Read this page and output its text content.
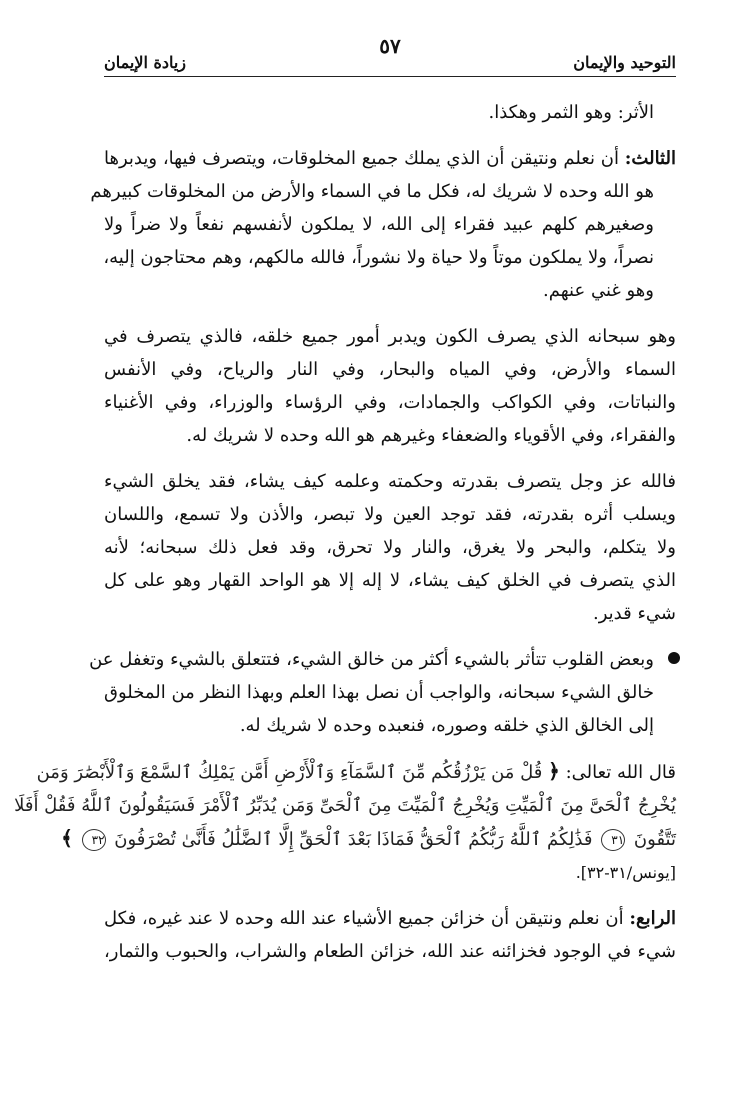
التوحيد والإيمان
٥٧
زيادة الإيمان
الأثر: وهو الثمر وهكذا.
الثالث: أن نعلم ونتيقن أن الذي يملك جميع المخلوقات، ويتصرف فيها، ويدبرها
هو الله وحده لا شريك له، فكل ما في السماء والأرض من المخلوقات كبيرهم
وصغيرهم كلهم عبيد فقراء إلى الله، لا يملكون لأنفسهم نفعاً ولا ضراً ولا
نصراً، ولا يملكون موتاً ولا حياة ولا نشوراً، فالله مالكهم، وهم محتاجون إليه،
وهو غني عنهم.
وهو سبحانه الذي يصرف الكون ويدبر أمور جميع خلقه، فالذي يتصرف في
السماء والأرض، وفي المياه والبحار، وفي النار والرياح، وفي الأنفس
والنباتات، وفي الكواكب والجمادات، وفي الرؤساء والوزراء، وفي الأغنياء
والفقراء، وفي الأقوياء والضعفاء وغيرهم هو الله وحده لا شريك له.
فالله عز وجل يتصرف بقدرته وحكمته وعلمه كيف يشاء، فقد يخلق الشيء
ويسلب أثره بقدرته، فقد توجد العين ولا تبصر، والأذن ولا تسمع، واللسان
ولا يتكلم، والبحر ولا يغرق، والنار ولا تحرق، وقد فعل ذلك سبحانه؛ لأنه
الذي يتصرف في الخلق كيف يشاء، لا إله إلا هو الواحد القهار وهو على كل
شيء قدير.
وبعض القلوب تتأثر بالشيء أكثر من خالق الشيء، فتتعلق بالشيء وتغفل عن
خالق الشيء سبحانه، والواجب أن نصل بهذا العلم وبهذا النظر من المخلوق
إلى الخالق الذي خلقه وصوره، فنعبده وحده لا شريك له.
قال الله تعالى: ﴿ قُلْ مَن يَرْزُقُكُم مِّنَ ٱلسَّمَآءِ وَٱلْأَرْضِ أَمَّن يَمْلِكُ ٱلسَّمْعَ وَٱلْأَبْصَٰرَ وَمَن
يُخْرِجُ ٱلْحَىَّ مِنَ ٱلْمَيِّتِ وَيُخْرِجُ ٱلْمَيِّتَ مِنَ ٱلْحَىِّ وَمَن يُدَبِّرُ ٱلْأَمْرَ فَسَيَقُولُونَ ٱللَّهُ فَقُلْ أَفَلَا
تَتَّقُونَ ٣١ فَذَٰلِكُمُ ٱللَّهُ رَبُّكُمُ ٱلْحَقُّ فَمَاذَا بَعْدَ ٱلْحَقِّ إِلَّا ٱلضَّلَٰلُ فَأَنَّىٰ تُصْرَفُونَ ٣٢ ﴾
[يونس/٣١-٣٢].
الرابع: أن نعلم ونتيقن أن خزائن جميع الأشياء عند الله وحده لا عند غيره، فكل
شيء في الوجود فخزائنه عند الله، خزائن الطعام والشراب، والحبوب والثمار،
